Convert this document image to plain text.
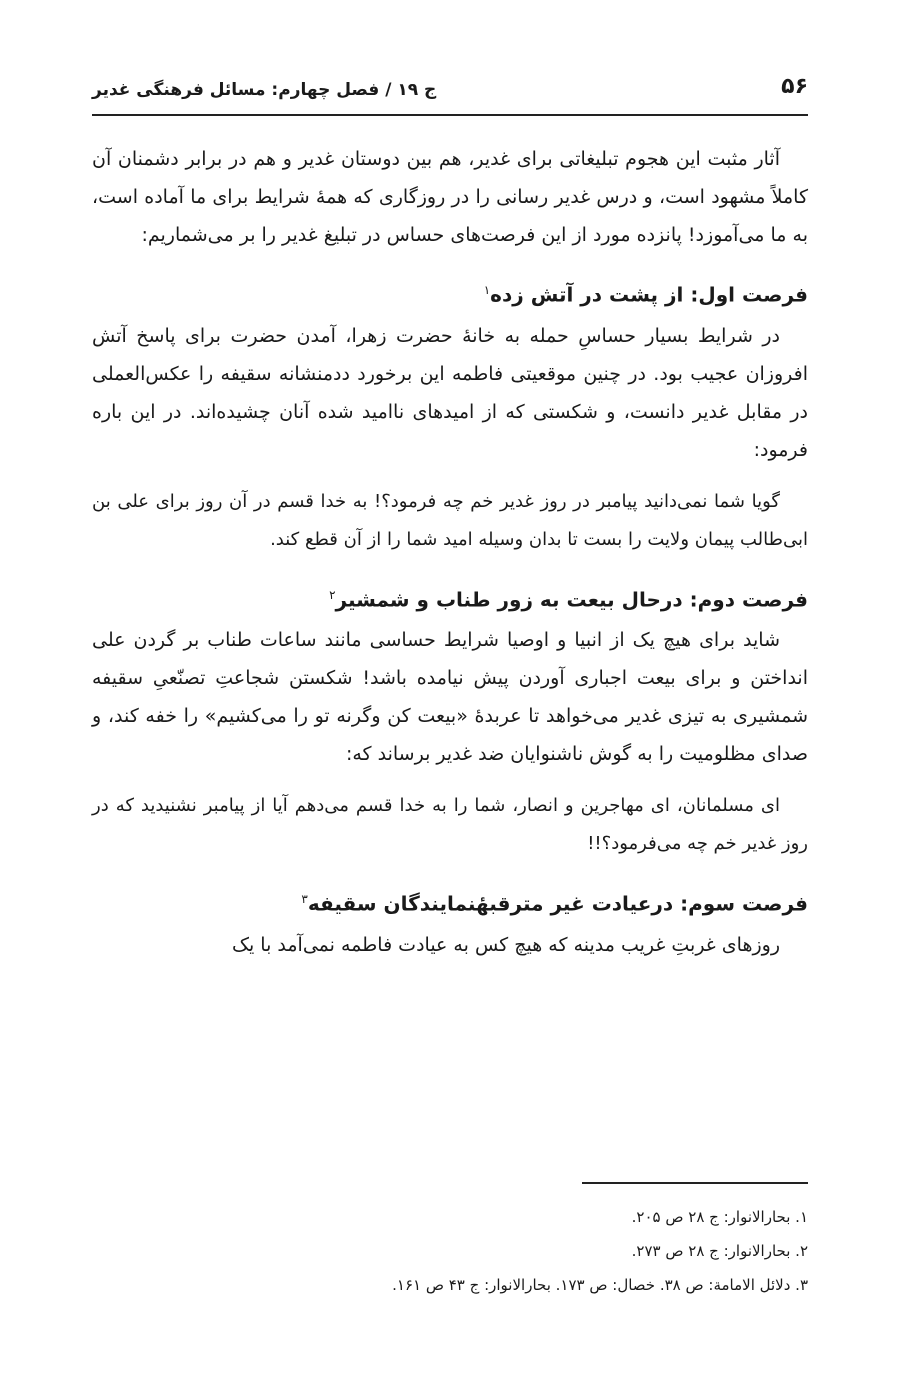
۵۶
ج ۱۹ / فصل چهارم: مسائل فرهنگی غدیر

آثار مثبت این هجوم تبلیغاتی برای غدیر، هم بین دوستان غدیر و هم در برابر دشمنان آن کاملاً مشهود است، و درس غدیر رسانی را در روزگاری که همهٔ شرایط برای ما آماده است، به ما می‌آموزد! پانزده مورد از این فرصت‌های حساس در تبلیغ غدیر را بر می‌شماریم:

فرصت اول: از پشت در آتش زده$^۱$

در شرایط بسیار حساسِ حمله به خانهٔ حضرت زهرا، آمدن حضرت برای پاسخ آتش افروزان عجیب بود. در چنین موقعیتی فاطمه این برخورد ددمنشانه سقیفه را عکس‌العملی در مقابل غدیر دانست، و شکستی که از امیدهای ناامید شده آنان چشیده‌اند. در این باره فرمود:

گویا شما نمی‌دانید پیامبر در روز غدیر خم چه فرمود؟! به خدا قسم در آن روز برای علی بن ابی‌طالب پیمان ولایت را بست تا بدان وسیله امید شما را از آن قطع کند.

فرصت دوم: درحال بیعت به زور طناب و شمشیر$^۲$

شاید برای هیچ یک از انبیا و اوصیا شرایط حساسی مانند ساعات طناب بر گردن علی انداختن و برای بیعت اجباری آوردن پیش نیامده باشد! شکستن شجاعتِ تصنّعیِ سقیفه شمشیری به تیزی غدیر می‌خواهد تا عربدهٔ «بیعت کن وگرنه تو را می‌کشیم» را خفه کند، و صدای مظلومیت را به گوش ناشنوایان ضد غدیر برساند که:

ای مسلمانان، ای مهاجرین و انصار، شما را به خدا قسم می‌دهم آیا از پیامبر نشنیدید که در روز غدیر خم چه می‌فرمود؟!!

فرصت سوم: درعیادت غیر مترقبهٔنمایندگان سقیفه$^۳$

روزهای غربتِ غریب مدینه که هیچ کس به عیادت فاطمه نمی‌آمد با یک

۱. بحارالانوار: ج ۲۸ ص ۲۰۵.

۲. بحارالانوار: ج ۲۸ ص ۲۷۳.

۳. دلائل الامامة: ص ۳۸. خصال: ص ۱۷۳. بحارالانوار: ج ۴۳ ص ۱۶۱.
